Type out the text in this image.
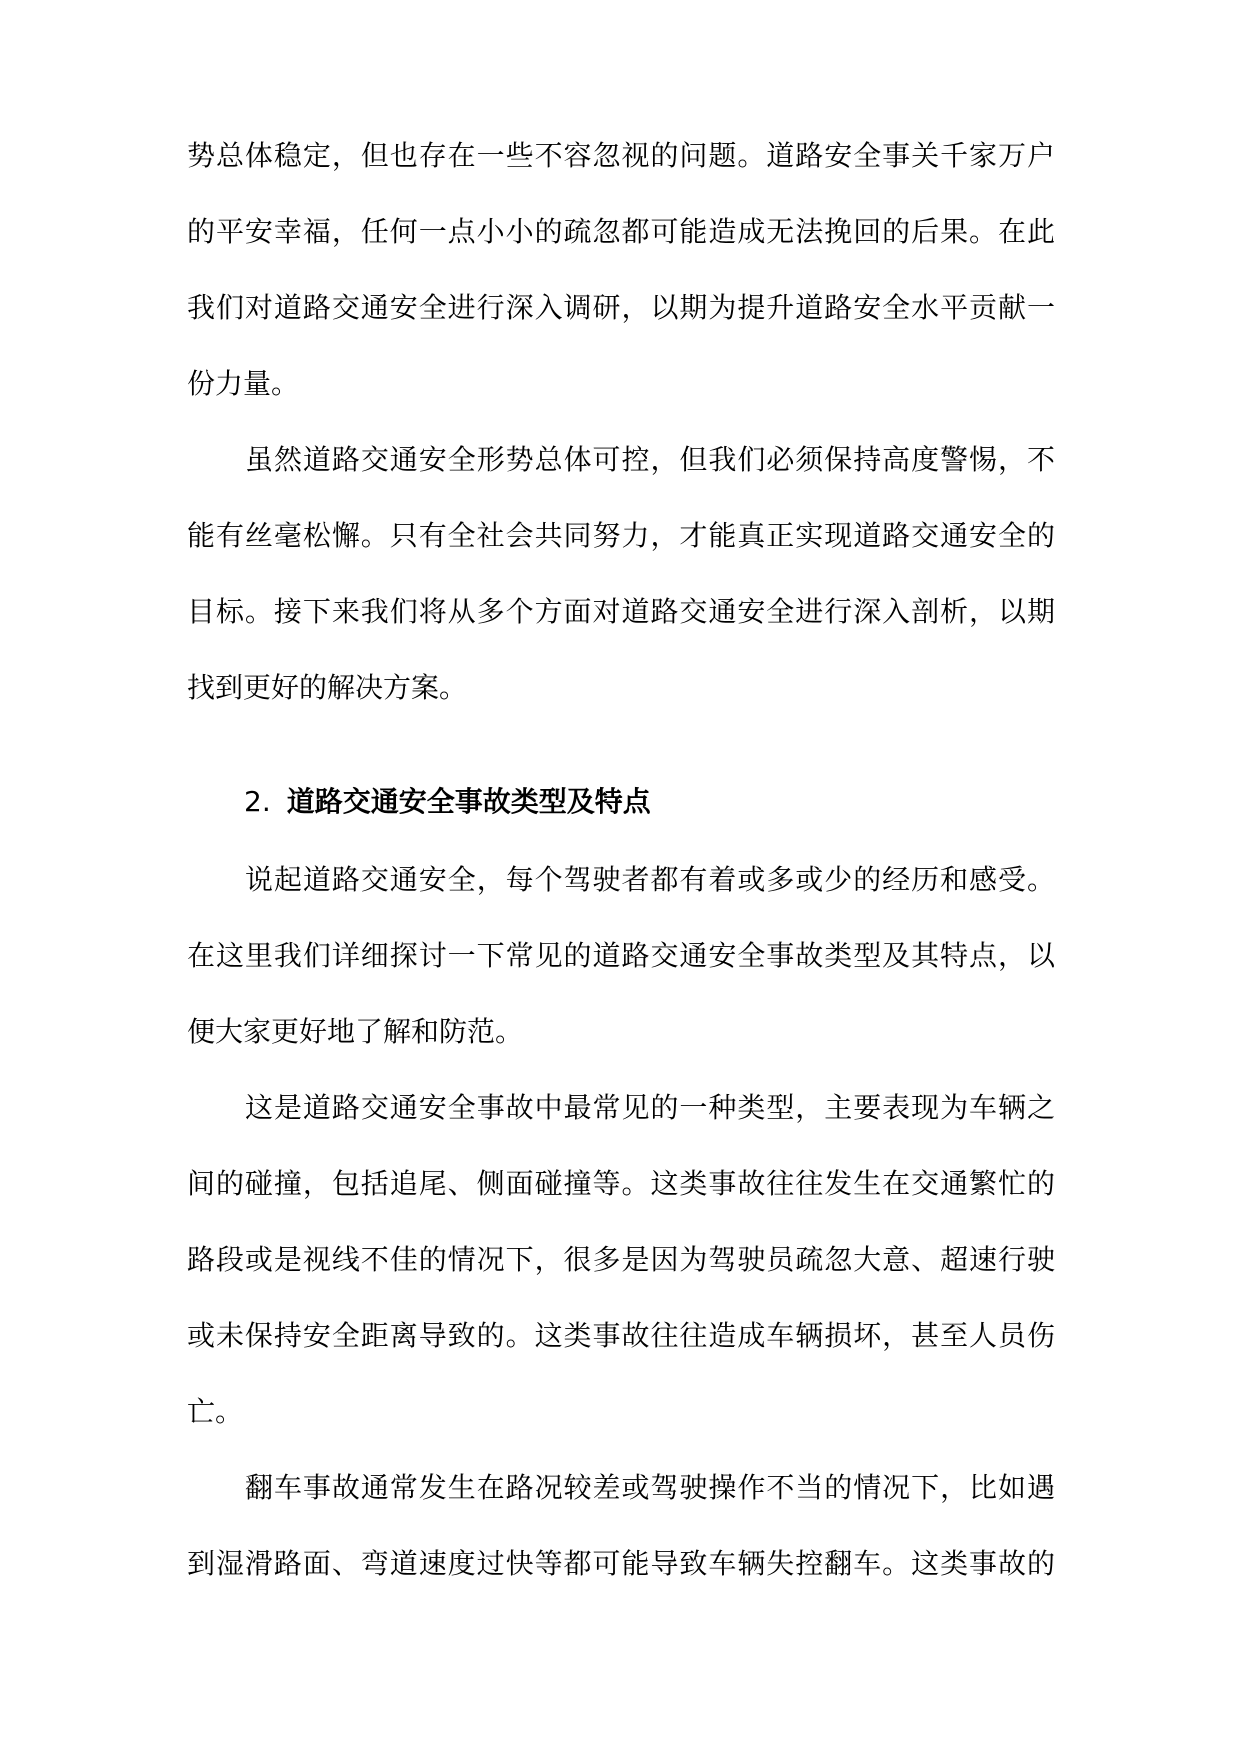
势总体稳定，但也存在一些不容忽视的问题。道路安全事关千家万户
的平安幸福，任何一点小小的疏忽都可能造成无法挽回的后果。在此
我们对道路交通安全进行深入调研，以期为提升道路安全水平贡献一
份力量。
虽然道路交通安全形势总体可控，但我们必须保持高度警惕，不
能有丝毫松懈。只有全社会共同努力，才能真正实现道路交通安全的
目标。接下来我们将从多个方面对道路交通安全进行深入剖析，以期
找到更好的解决方案。
2. 道路交通安全事故类型及特点
说起道路交通安全，每个驾驶者都有着或多或少的经历和感受。
在这里我们详细探讨一下常见的道路交通安全事故类型及其特点，以
便大家更好地了解和防范。
这是道路交通安全事故中最常见的一种类型，主要表现为车辆之
间的碰撞，包括追尾、侧面碰撞等。这类事故往往发生在交通繁忙的
路段或是视线不佳的情况下，很多是因为驾驶员疏忽大意、超速行驶
或未保持安全距离导致的。这类事故往往造成车辆损坏，甚至人员伤
亡。
翻车事故通常发生在路况较差或驾驶操作不当的情况下，比如遇
到湿滑路面、弯道速度过快等都可能导致车辆失控翻车。这类事故的
